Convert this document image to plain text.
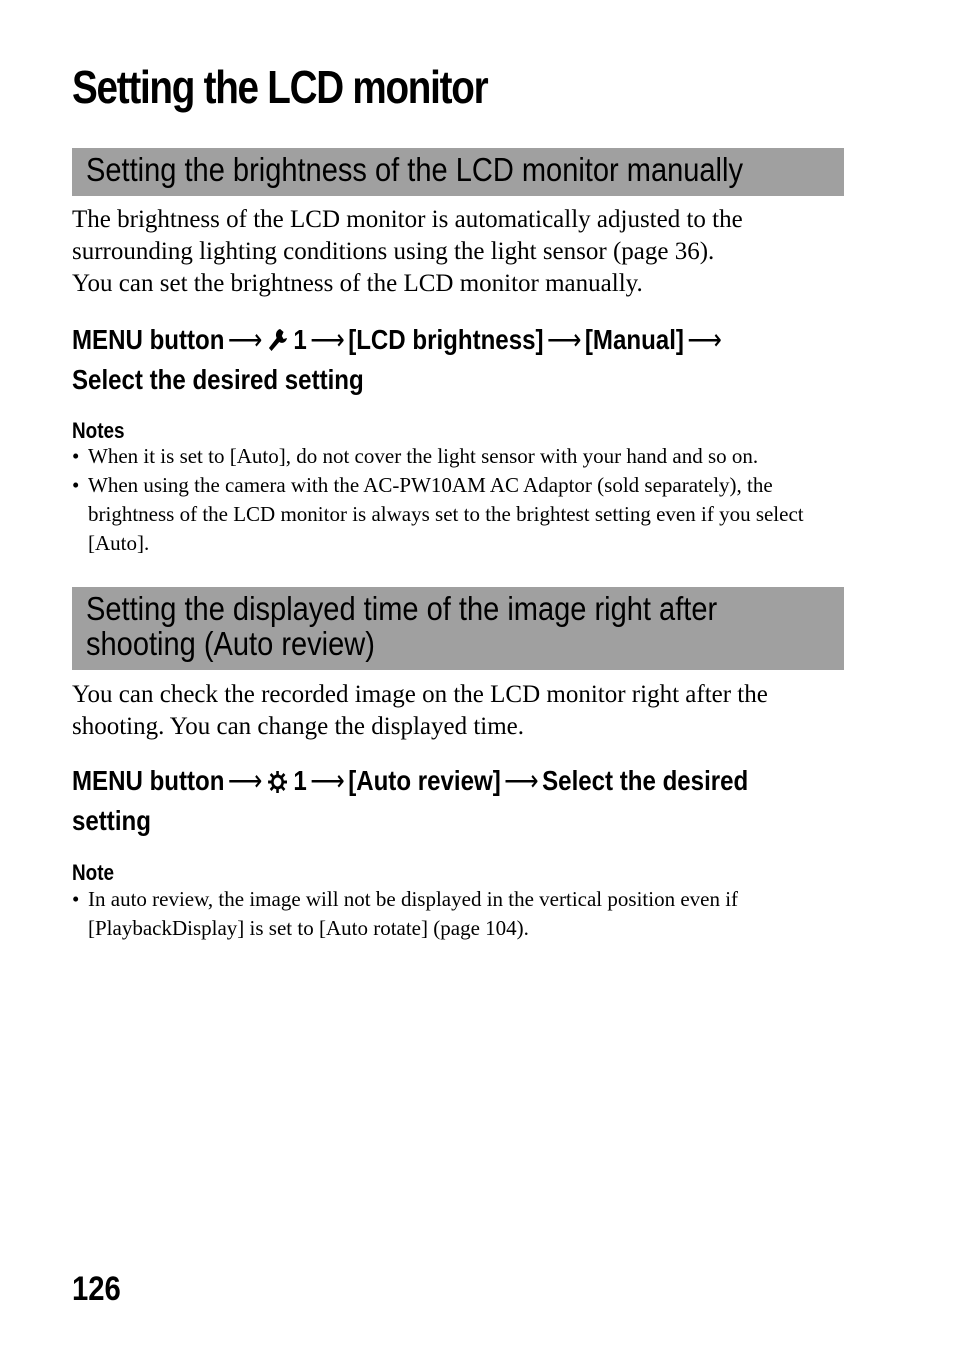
Setting the LCD monitor
Setting the brightness of the LCD monitor manually

The brightness of the LCD monitor is automatically adjusted to the
surrounding lighting conditions using the light sensor (page 36).
You can set the brightness of the LCD monitor manually.

MENU button ⟶ 1 ⟶ [LCD brightness] ⟶ [Manual] ⟶
Select the desired setting
Notes
• When it is set to [Auto], do not cover the light sensor with your hand and so on.
• When using the camera with the AC-PW10AM AC Adaptor (sold separately), the brightness of the LCD monitor is always set to the brightest setting even if you select [Auto].
Setting the displayed time of the image right after shooting (Auto review)

You can check the recorded image on the LCD monitor right after the
shooting. You can change the displayed time.

MENU button ⟶ 1 ⟶ [Auto review] ⟶ Select the desired setting
Note
• In auto review, the image will not be displayed in the vertical position even if [PlaybackDisplay] is set to [Auto rotate] (page 104).
126
